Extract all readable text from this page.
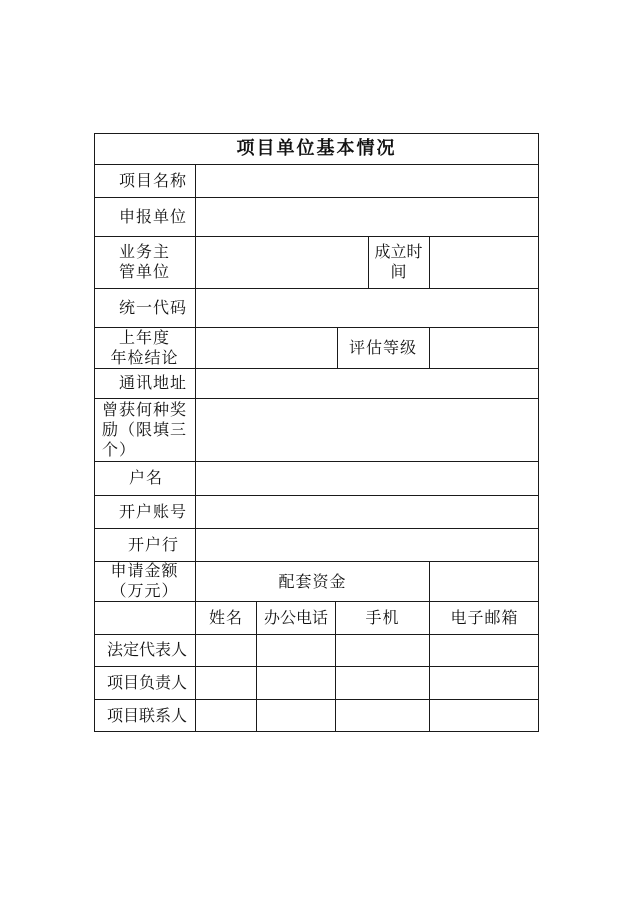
项目单位基本情况
项目名称
申报单位
业务主
管单位
成立时间
统一代码
上年度
年检结论
评估等级
通讯地址
曾获何种奖
励（限填三
个）
户名
开户账号
开户行
申请金额
（万元）	配套资金
姓名 办公电话 手机	电子邮箱
法定代表人
项目负责人
项目联系人
